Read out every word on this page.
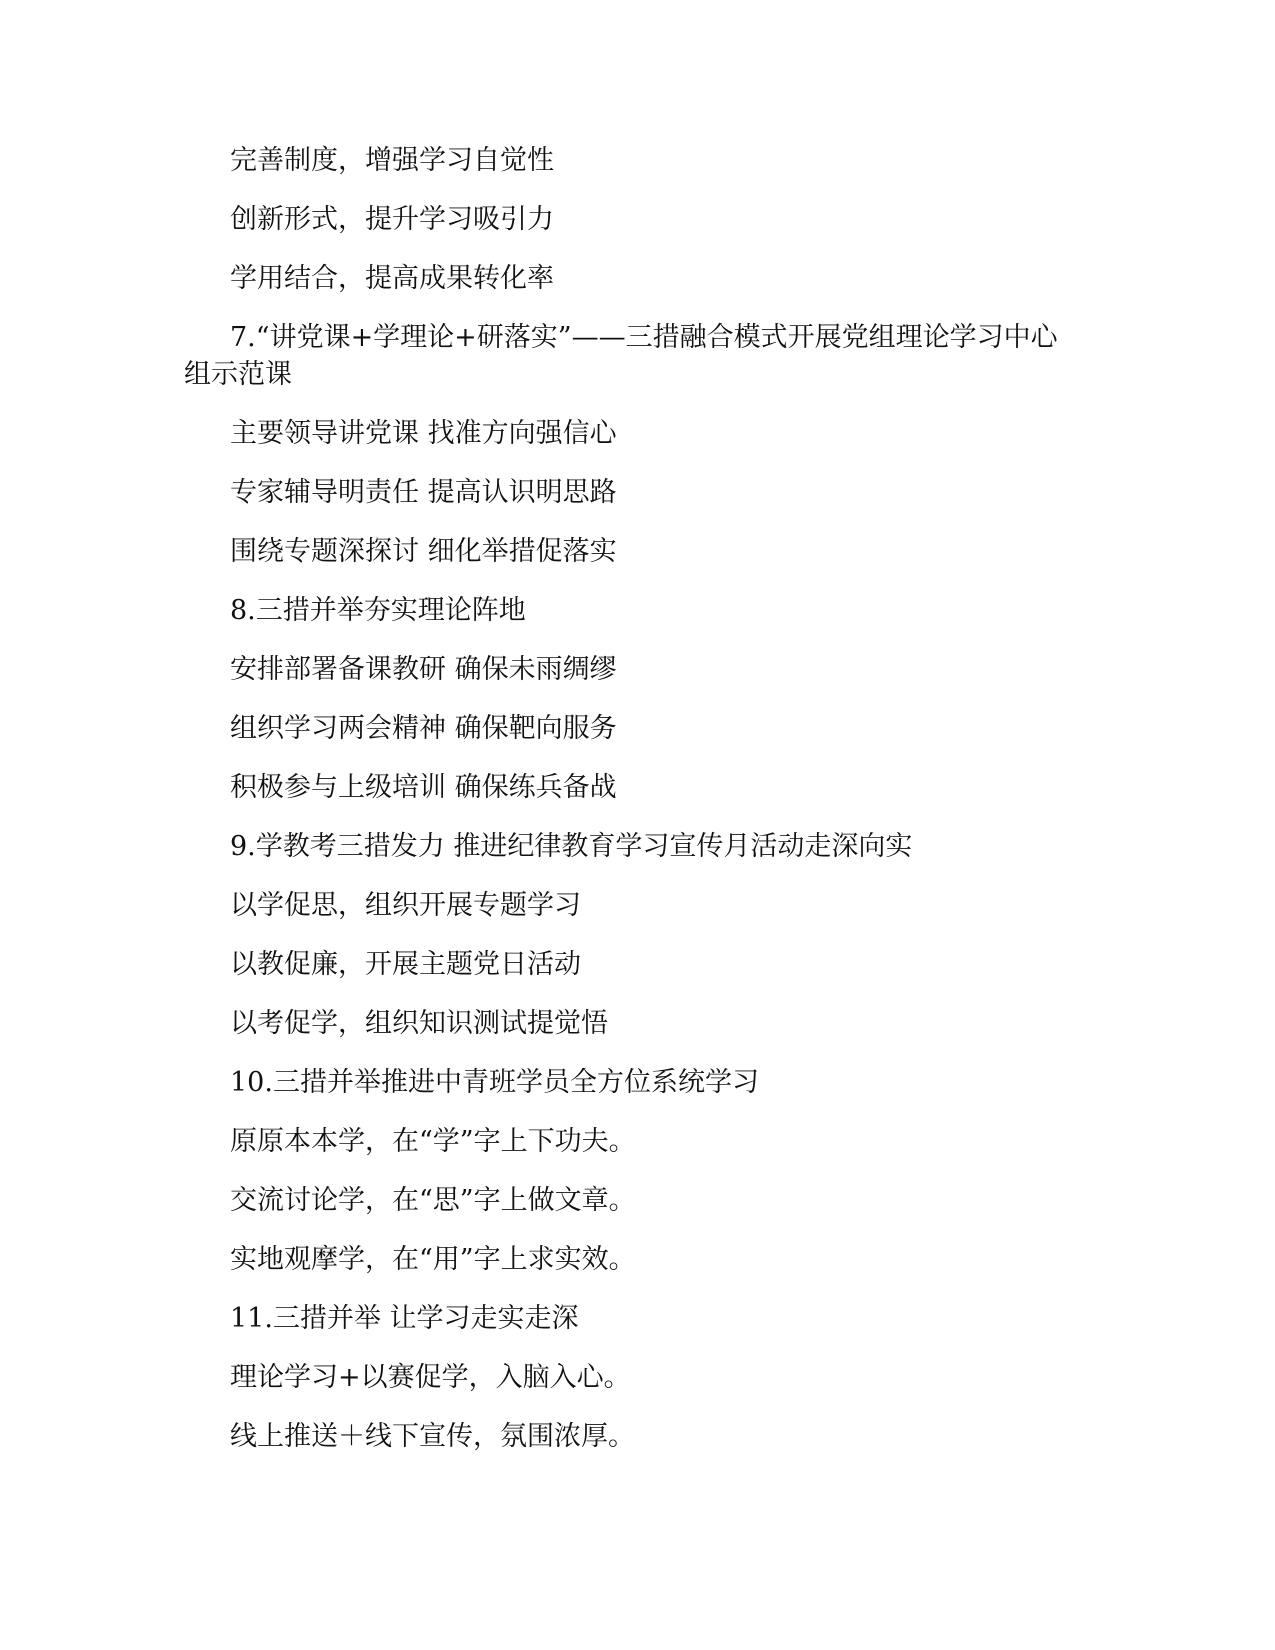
完善制度，增强学习自觉性

创新形式，提升学习吸引力

学用结合，提高成果转化率

7.“讲党课+学理论+研落实”——三措融合模式开展党组理论学习中心组示范课

主要领导讲党课 找准方向强信心

专家辅导明责任 提高认识明思路

围绕专题深探讨 细化举措促落实

8.三措并举夯实理论阵地

安排部署备课教研 确保未雨绸缪

组织学习两会精神 确保靶向服务

积极参与上级培训 确保练兵备战

9.学教考三措发力 推进纪律教育学习宣传月活动走深向实

以学促思，组织开展专题学习

以教促廉，开展主题党日活动

以考促学，组织知识测试提觉悟

10.三措并举推进中青班学员全方位系统学习

原原本本学，在“学”字上下功夫。

交流讨论学，在“思”字上做文章。

实地观摩学，在“用”字上求实效。

11.三措并举 让学习走实走深

理论学习+以赛促学，入脑入心。

线上推送＋线下宣传，氛围浓厚。
